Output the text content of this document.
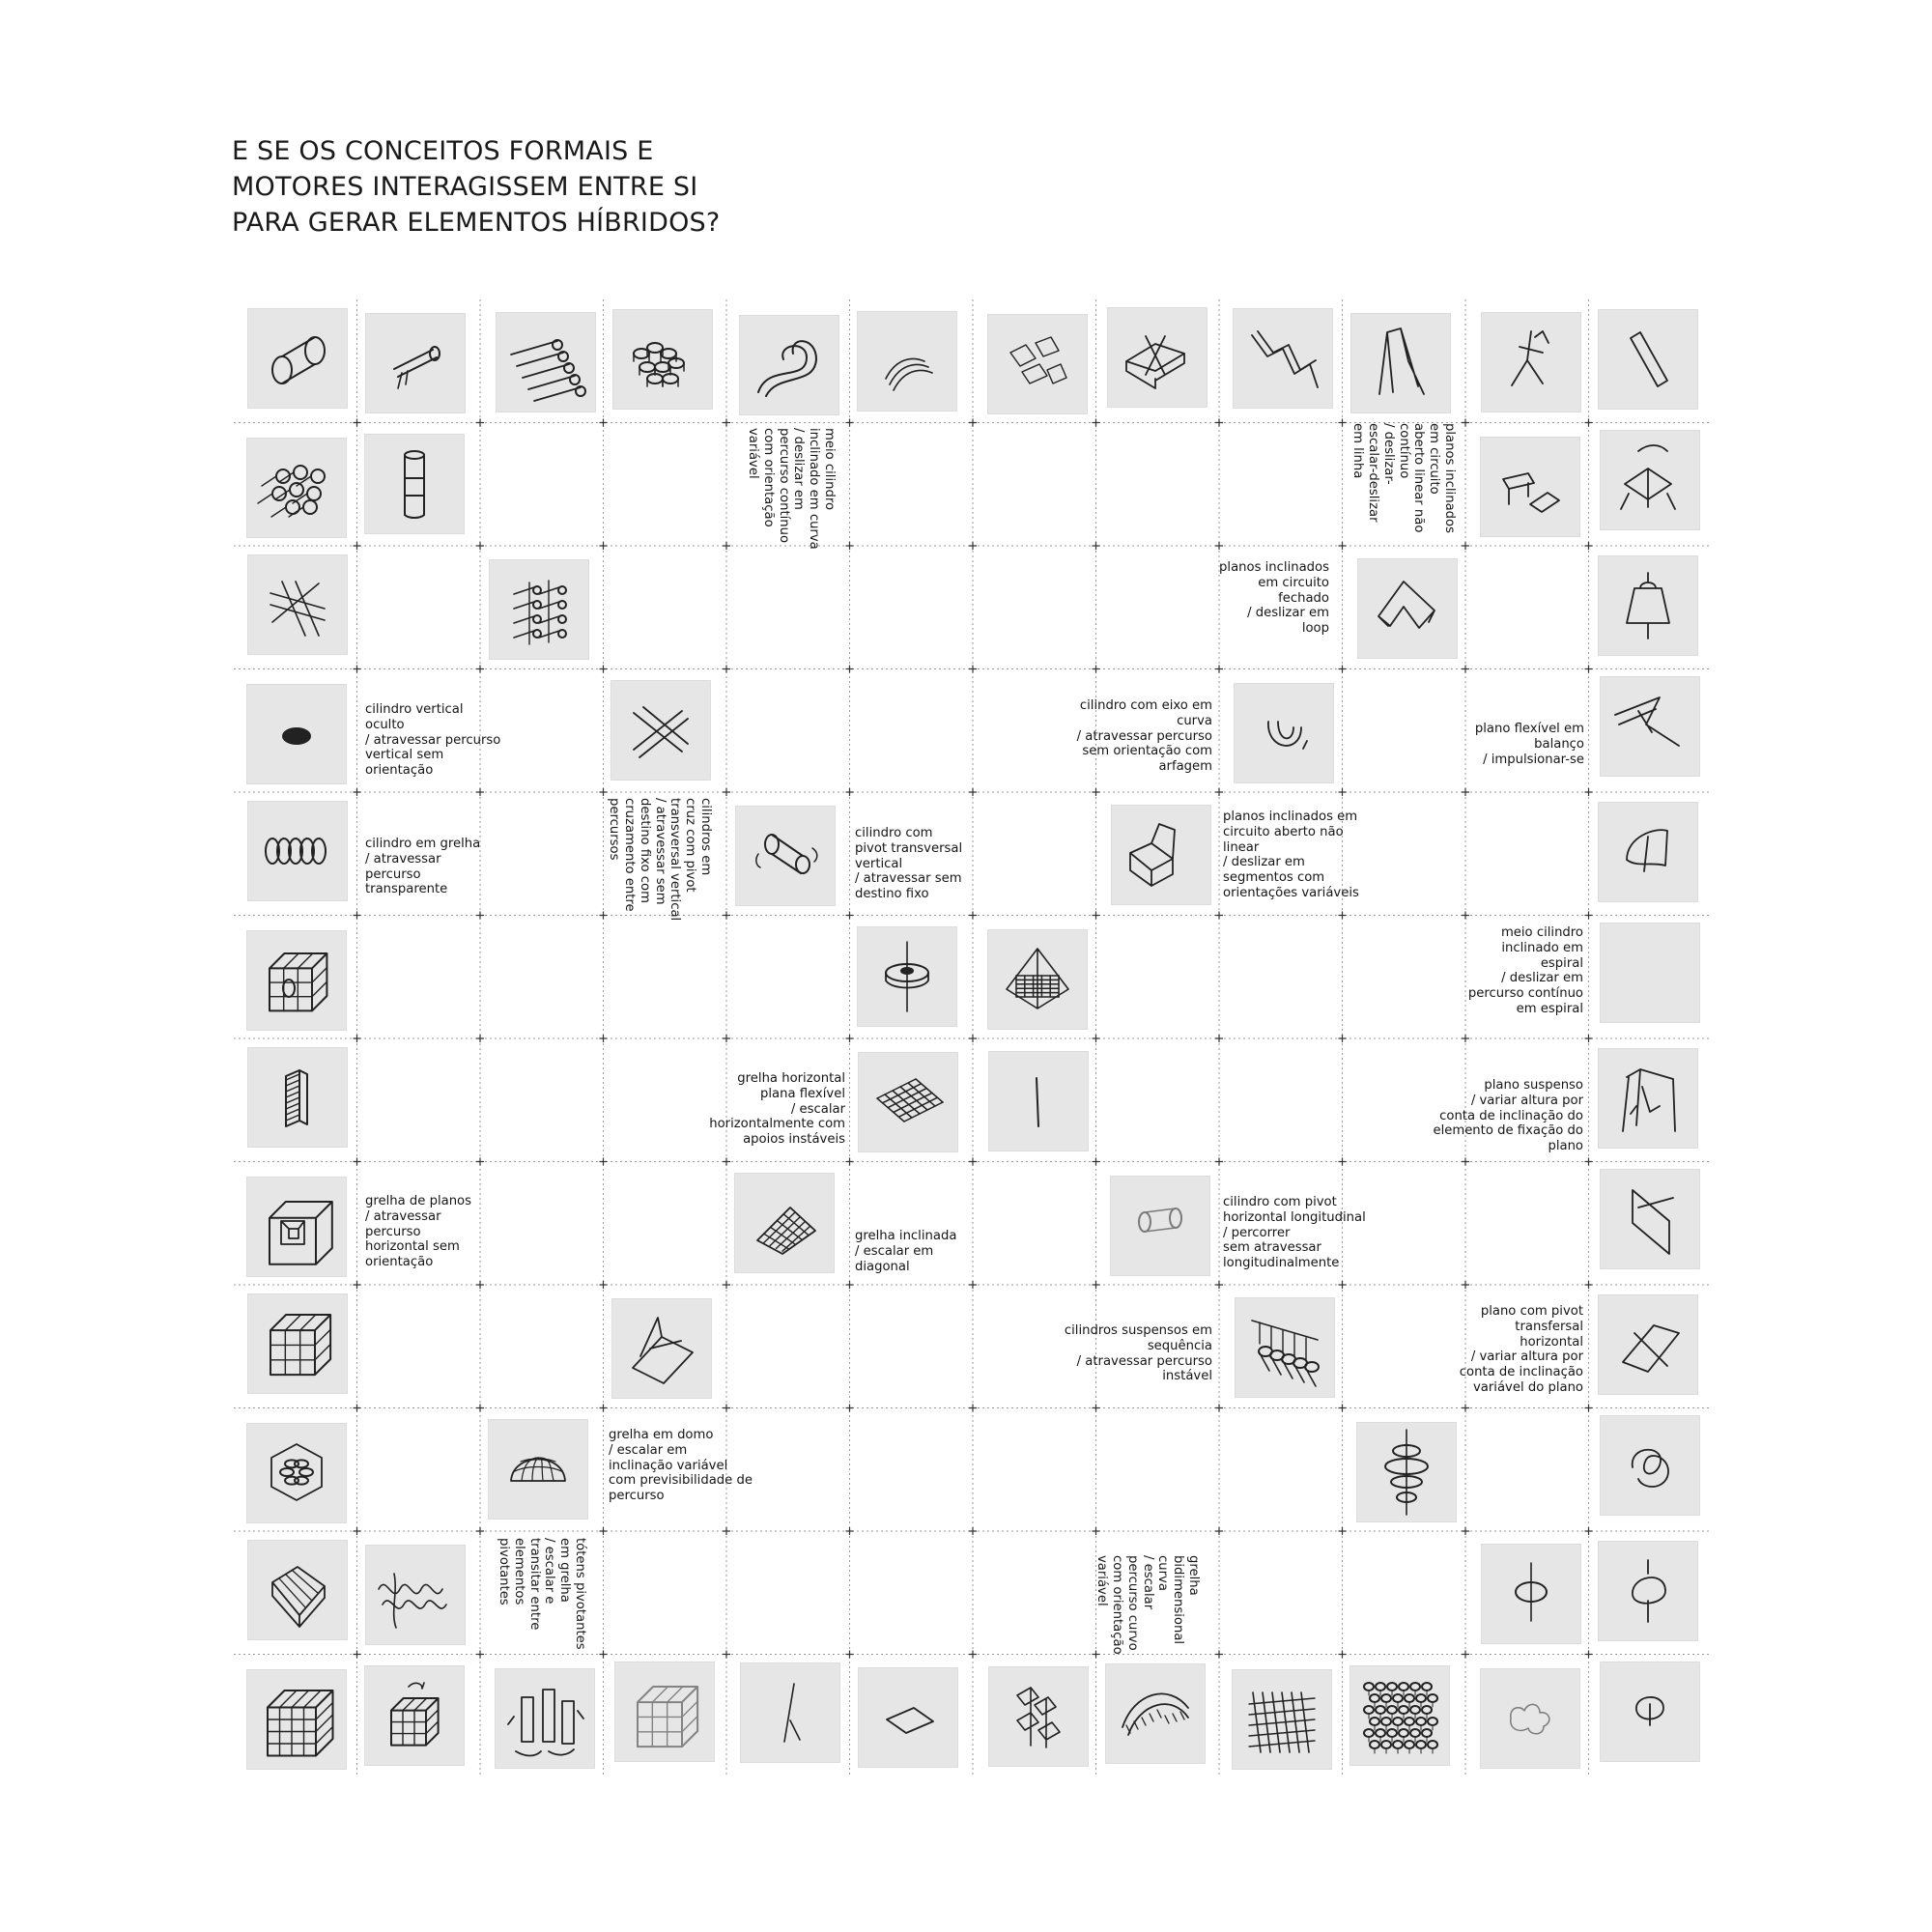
E SE OS CONCEITOS FORMAIS E
MOTORES INTERAGISSEM ENTRE SI
PARA GERAR ELEMENTOS HÍBRIDOS?
meio cilindro
inclinado em curva
/ deslizar em
percurso contínuo
com orientação
variável	planos inclinados
em circuito
aberto linear não
contínuo
/ deslizar-
escalar-deslizar
em linha
planos inclinados
em circuito
fechado
/ deslizar em
loop
cilindro vertical
oculto
/ atravessar percurso
vertical sem
orientação
cilindro com eixo em
curva
/ atravessar percurso
sem orientação com
arfagem
plano flexível em
balanço
/ impulsionar-se
cilindros em
cruz com pivot
transversal vertical
/ atravessar sem
destino fixo com
cruzamento entre
percursos
cilindro em grelha
/ atravessar
percurso
transparente
cilindro com
pivot transversal
vertical
/ atravessar sem
destino fixo
planos inclinados em
circuito aberto não
linear
/ deslizar em
segmentos com
orientações variáveis
meio cilindro
inclinado em
espiral
/ deslizar em
percurso contínuo
em espiral
grelha horizontal
plana flexível
/ escalar
horizontalmente com
apoios instáveis
plano suspenso
/ variar altura por
conta de inclinação do
elemento de fixação do
plano
grelha de planos
/ atravessar
percurso
horizontal sem
orientação
grelha inclinada
/ escalar em
diagonal
cilindro com pivot
horizontal longitudinal
/ percorrer
sem atravessar
longitudinalmente
cilindros suspensos em
sequência
/ atravessar percurso
instável
plano com pivot
transfersal
horizontal
/ variar altura por
conta de inclinação
variável do plano
grelha em domo
/ escalar em
inclinação variável
com previsibilidade de
percurso
tótens pivotantes
em grelha
/ escalar e
transitar entre
elementos
pivotantes	grelha
bidimensional
curva
/ escalar
percurso curvo
com orientação
variável
